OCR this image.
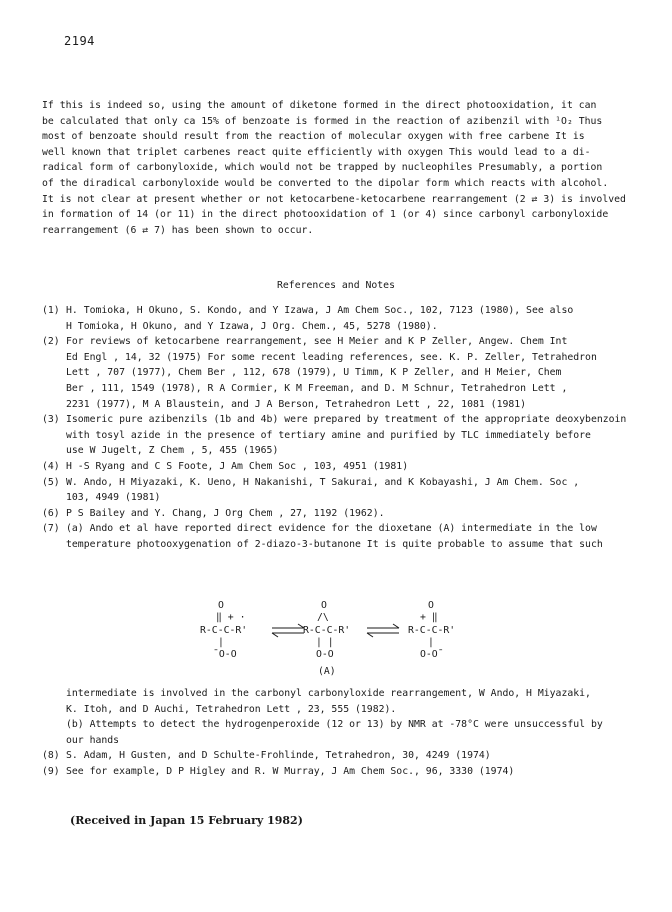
2194
If this is indeed so, using the amount of diketone formed in the direct photooxidation, it can
be calculated that only ca 15% of benzoate is formed in the reaction of azibenzil with ¹O₂ Thus
most of benzoate should result from the reaction of molecular oxygen with free carbene It is
well known that triplet carbenes react quite efficiently with oxygen This would lead to a di-
radical form of carbonyloxide, which would not be trapped by nucleophiles Presumably, a portion
of the diradical carbonyloxide would be converted to the dipolar form which reacts with alcohol.
It is not clear at present whether or not ketocarbene-ketocarbene rearrangement (2 ⇄ 3) is involved
in formation of 14 (or 11) in the direct photooxidation of 1 (or 4) since carbonyl carbonyloxide
rearrangement (6 ⇄ 7) has been shown to occur.
References and Notes
(1) H. Tomioka, H Okuno, S. Kondo, and Y Izawa, J Am Chem Soc., 102, 7123 (1980), See also
H Tomioka, H Okuno, and Y Izawa, J Org. Chem., 45, 5278 (1980).
(2) For reviews of ketocarbene rearrangement, see H Meier and K P Zeller, Angew. Chem Int
Ed Engl , 14, 32 (1975) For some recent leading references, see. K. P. Zeller, Tetrahedron
Lett , 707 (1977), Chem Ber , 112, 678 (1979), U Timm, K P Zeller, and H Meier, Chem
Ber , 111, 1549 (1978), R A Cormier, K M Freeman, and D. M Schnur, Tetrahedron Lett ,
2231 (1977), M A Blaustein, and J A Berson, Tetrahedron Lett , 22, 1081 (1981)
(3) Isomeric pure azibenzils (1b and 4b) were prepared by treatment of the appropriate deoxybenzoin
with tosyl azide in the presence of tertiary amine and purified by TLC immediately before
use W Jugelt, Z Chem , 5, 455 (1965)
(4) H -S Ryang and C S Foote, J Am Chem Soc , 103, 4951 (1981)
(5) W. Ando, H Miyazaki, K. Ueno, H Nakanishi, T Sakurai, and K Kobayashi, J Am Chem. Soc ,
103, 4949 (1981)
(6) P S Bailey and Y. Chang, J Org Chem , 27, 1192 (1962).
(7) (a) Ando et al have reported direct evidence for the dioxetane (A) intermediate in the low
temperature photooxygenation of 2-diazo-3-butanone It is quite probable to assume that such
O
‖ + ·
R-C-C-R'
|
¯O-O
O
/\
R-C-C-R'
| |
O-O
O
+ ‖
R-C-C-R'
|
O-O¯
(A)
intermediate is involved in the carbonyl carbonyloxide rearrangement, W Ando, H Miyazaki,
K. Itoh, and D Auchi, Tetrahedron Lett , 23, 555 (1982).
(b) Attempts to detect the hydrogenperoxide (12 or 13) by NMR at -78°C were unsuccessful by
our hands
(8) S. Adam, H Gusten, and D Schulte-Frohlinde, Tetrahedron, 30, 4249 (1974)
(9) See for example, D P Higley and R. W Murray, J Am Chem Soc., 96, 3330 (1974)
(Received in Japan 15 February 1982)
